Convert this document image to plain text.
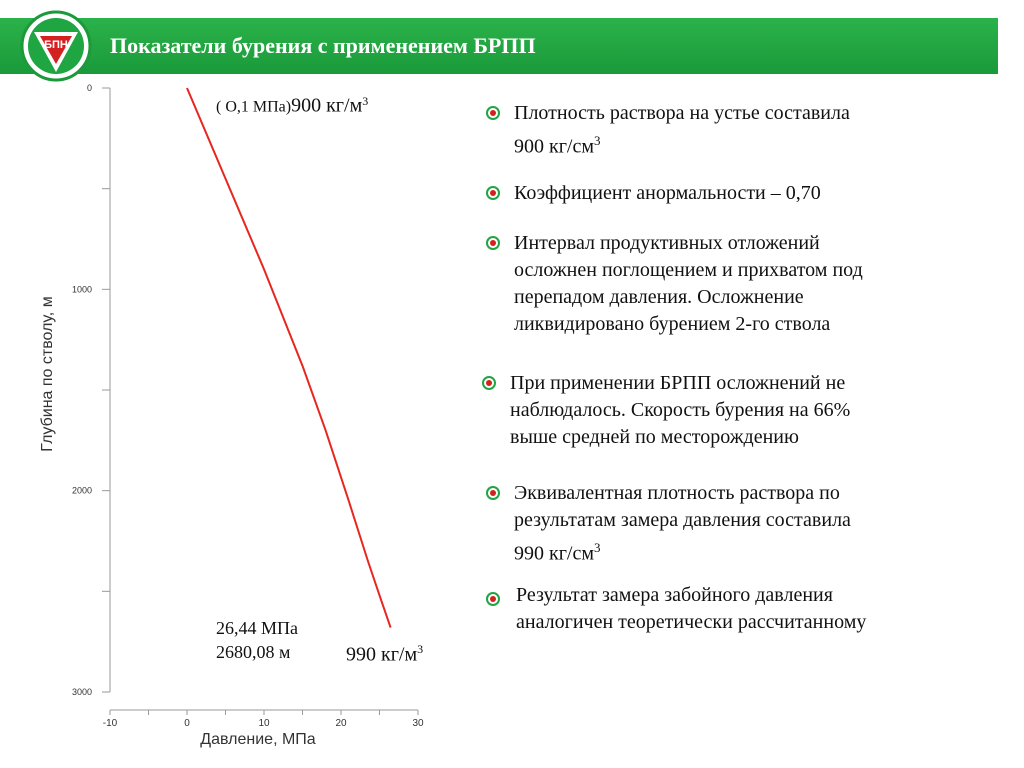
Показатели бурения с применением БРПП
БПН
0
1000
2000
3000
-10	0	10	20	30
Давление, МПа
Глубина по стволу, м
( О,1 МПа)900 $кг/м^3$
26,44 МПа
2680,08 м	990 $кг/м^3$
Плотность раствора на устье составила
900 $кг/см^3$
Коэффициент анормальности – 0,70
Интервал продуктивных отложений
осложнен поглощением и прихватом под
перепадом давления. Осложнение
ликвидировано бурением 2-го ствола
При применении БРПП осложнений не
наблюдалось. Скорость бурения на 66%
выше средней по месторождению
Эквивалентная плотность раствора по
результатам замера давления составила
990 $кг/см^3$
Результат замера забойного давления
аналогичен теоретически рассчитанному
